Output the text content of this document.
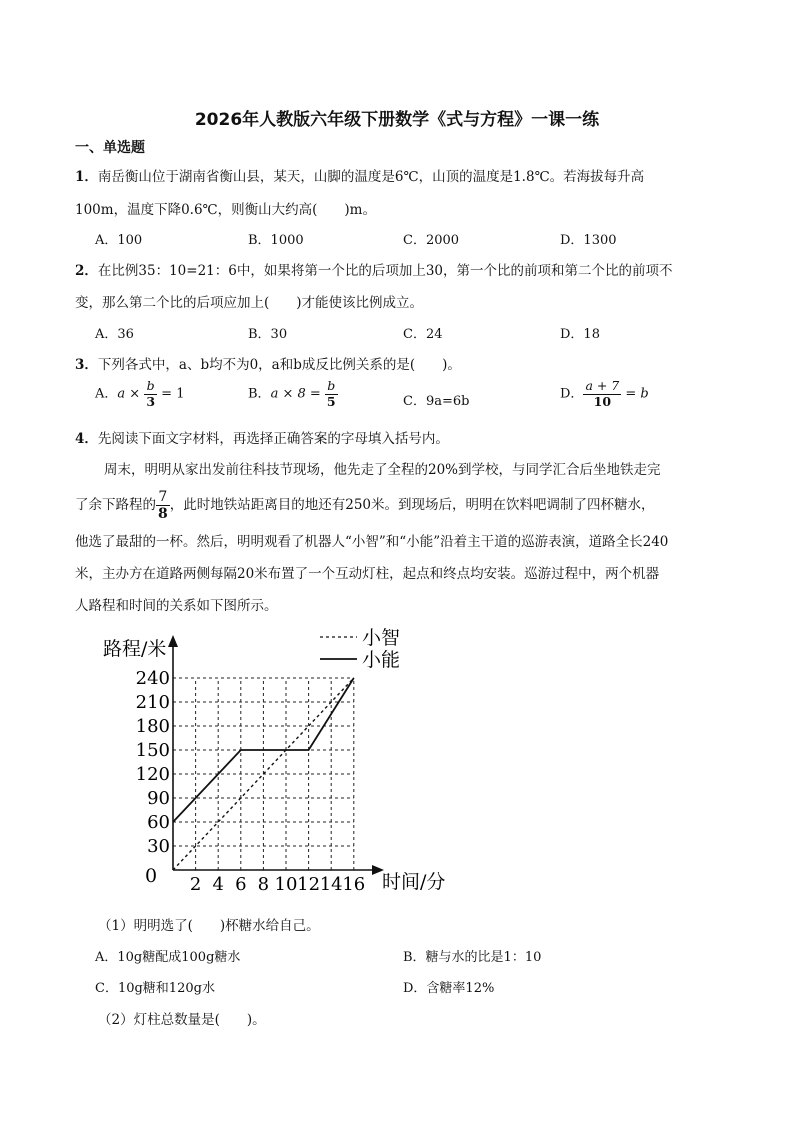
2026年人教版六年级下册数学《式与方程》一课一练
一、单选题
1．南岳衡山位于湖南省衡山县，某天，山脚的温度是6℃，山顶的温度是1.8℃。若海拔每升高
100m，温度下降0.6℃，则衡山大约高(　　)m。
A．100	B．1000	C．2000	D．1300
2．在比例35：10=21：6中，如果将第一个比的后项加上30，第一个比的前项和第二个比的前项不
变，那么第二个比的后项应加上(　　)才能使该比例成立。
A．36	B．30	C．24	D．18
3．下列各式中，a、b均不为0，a和b成反比例关系的是(　　)。
A．$a \times \frac{b}{3} = 1$	B．$a \times 8 = \frac{b}{5}$	C．9a=6b	D． $\frac{a + 7}{10} = b$
4．先阅读下面文字材料，再选择正确答案的字母填入括号内。
周末，明明从家出发前往科技节现场，他先走了全程的20%到学校，与同学汇合后坐地铁走完
了余下路程的 $\frac{7}{8}$ ，此时地铁站距离目的地还有250米。到现场后，明明在饮料吧调制了四杯糖水，
他选了最甜的一杯。然后，明明观看了机器人“小智”和“小能”沿着主干道的巡游表演，道路全长240
米，主办方在道路两侧每隔20米布置了一个互动灯柱，起点和终点均安装。巡游过程中，两个机器
人路程和时间的关系如下图所示。
2 4 6 8 10 12 14 16
30
60
90
120
150
180
210
240
小智
小能
路程/米
时间/分
0
（1）明明选了(　　)杯糖水给自己。
A．10g糖配成100g糖水	B．糖与水的比是1：10
C．10g糖和120g水	D．含糖率12%
（2）灯柱总数量是(　　)。
